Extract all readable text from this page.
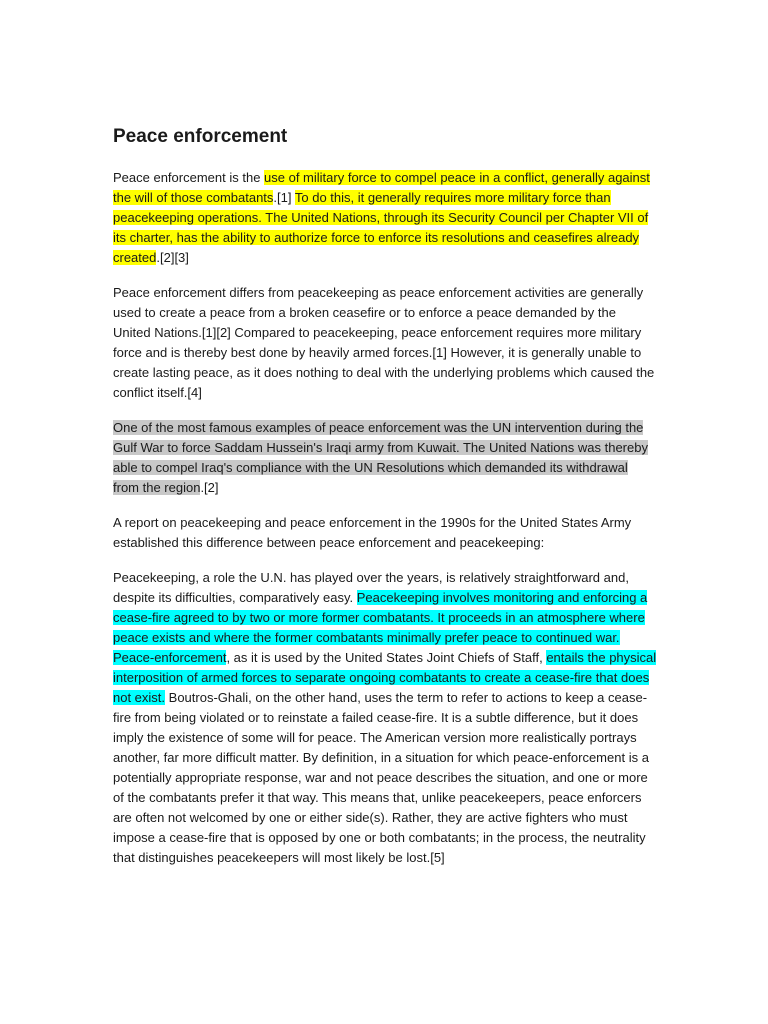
Peace enforcement

Peace enforcement is the use of military force to compel peace in a conflict, generally against the will of those combatants.[1] To do this, it generally requires more military force than peacekeeping operations. The United Nations, through its Security Council per Chapter VII of its charter, has the ability to authorize force to enforce its resolutions and ceasefires already created.[2][3]

Peace enforcement differs from peacekeeping as peace enforcement activities are generally used to create a peace from a broken ceasefire or to enforce a peace demanded by the United Nations.[1][2] Compared to peacekeeping, peace enforcement requires more military force and is thereby best done by heavily armed forces.[1] However, it is generally unable to create lasting peace, as it does nothing to deal with the underlying problems which caused the conflict itself.[4]

One of the most famous examples of peace enforcement was the UN intervention during the Gulf War to force Saddam Hussein's Iraqi army from Kuwait. The United Nations was thereby able to compel Iraq's compliance with the UN Resolutions which demanded its withdrawal from the region.[2]

A report on peacekeeping and peace enforcement in the 1990s for the United States Army established this difference between peace enforcement and peacekeeping:

Peacekeeping, a role the U.N. has played over the years, is relatively straightforward and, despite its difficulties, comparatively easy. Peacekeeping involves monitoring and enforcing a cease-fire agreed to by two or more former combatants. It proceeds in an atmosphere where peace exists and where the former combatants minimally prefer peace to continued war. Peace-enforcement, as it is used by the United States Joint Chiefs of Staff, entails the physical interposition of armed forces to separate ongoing combatants to create a cease-fire that does not exist. Boutros-Ghali, on the other hand, uses the term to refer to actions to keep a cease-fire from being violated or to reinstate a failed cease-fire. It is a subtle difference, but it does imply the existence of some will for peace. The American version more realistically portrays another, far more difficult matter. By definition, in a situation for which peace-enforcement is a potentially appropriate response, war and not peace describes the situation, and one or more of the combatants prefer it that way. This means that, unlike peacekeepers, peace enforcers are often not welcomed by one or either side(s). Rather, they are active fighters who must impose a cease-fire that is opposed by one or both combatants; in the process, the neutrality that distinguishes peacekeepers will most likely be lost.[5]
